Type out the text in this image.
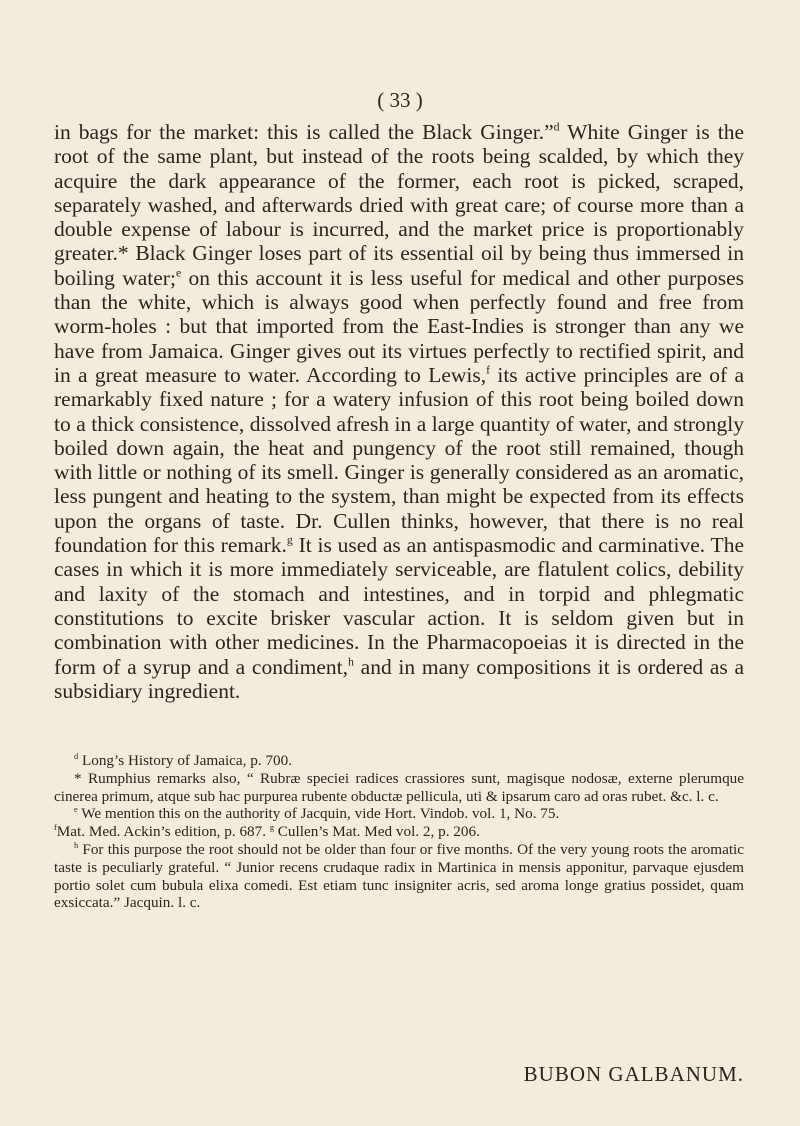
( 33 )

in bags for the market: this is called the Black Ginger.”$^d$ White Ginger is the root of the same plant, but instead of the roots being scalded, by which they acquire the dark appearance of the former, each root is picked, scraped, separately washed, and afterwards dried with great care; of course more than a double expense of labour is incurred, and the market price is proportionably greater.* Black Ginger loses part of its essential oil by being thus immersed in boiling water;$^e$ on this account it is less useful for medical and other purposes than the white, which is always good when perfectly found and free from worm-holes : but that imported from the East-Indies is stronger than any we have from Jamaica. Ginger gives out its virtues perfectly to rectified spirit, and in a great measure to water. According to Lewis,$^f$ its active principles are of a remarkably fixed nature ; for a watery infusion of this root being boiled down to a thick consistence, dissolved afresh in a large quantity of water, and strongly boiled down again, the heat and pungency of the root still remained, though with little or nothing of its smell. Ginger is generally considered as an aromatic, less pungent and heating to the system, than might be expected from its effects upon the organs of taste. Dr. Cullen thinks, however, that there is no real foundation for this remark.$^g$ It is used as an antispasmodic and carminative. The cases in which it is more immediately serviceable, are flatulent colics, debility and laxity of the stomach and intestines, and in torpid and phlegmatic constitutions to excite brisker vascular action. It is seldom given but in combination with other medicines. In the Pharmacopoeias it is directed in the form of a syrup and a condiment,$^h$ and in many compositions it is ordered as a subsidiary ingredient.

$^d$ Long’s History of Jamaica, p. 700.

* Rumphius remarks also, “ Rubræ speciei radices crassiores sunt, magisque nodosæ, externe plerumque cinerea primum, atque sub hac purpurea rubente obductæ pellicula, uti & ipsarum caro ad oras rubet. &c. l. c.

$^e$ We mention this on the authority of Jacquin, vide Hort. Vindob. vol. 1, No. 75.

$^f$Mat. Med. Ackin’s edition, p. 687. $^g$ Cullen’s Mat. Med vol. 2, p. 206.

$^h$ For this purpose the root should not be older than four or five months. Of the very young roots the aromatic taste is peculiarly grateful. “ Junior recens crudaque radix in Martinica in mensis apponitur, parvaque ejusdem portio solet cum bubula elixa comedi. Est etiam tunc insigniter acris, sed aroma longe gratius possidet, quam exsiccata.” Jacquin. l. c.

BUBON GALBANUM.
